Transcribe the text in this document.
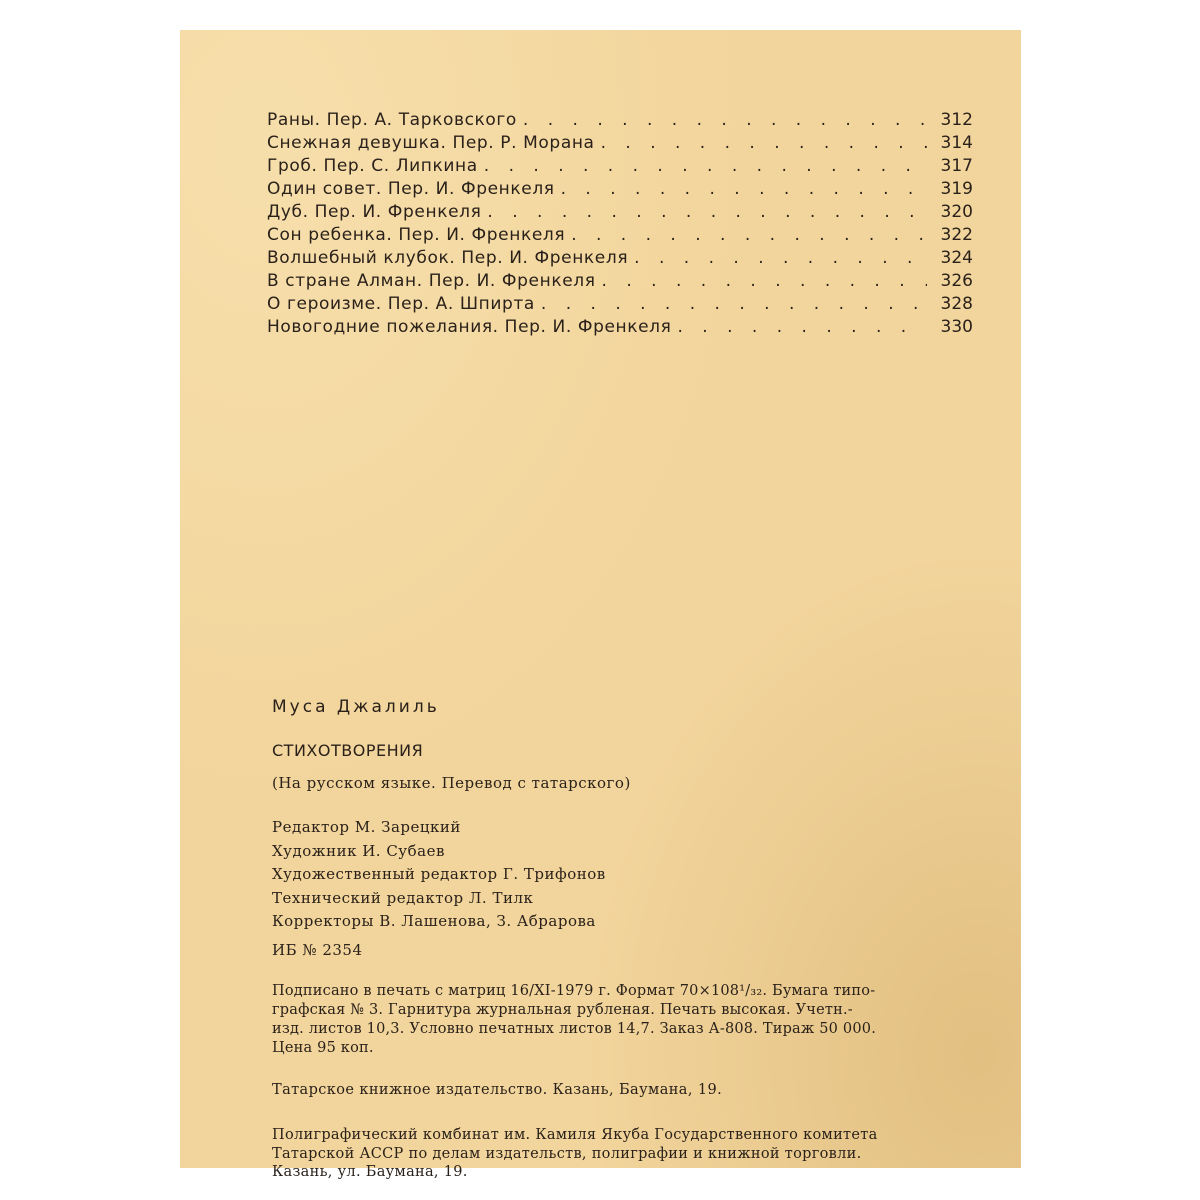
Раны. Пер. А. Тарковского . . .	312
Снежная девушка. Пер. Р. Морана . . .	314
Гроб. Пер. С. Липкина . . .	317
Один совет. Пер. И. Френкеля . . .	319
Дуб. Пер. И. Френкеля . . .	320
Сон ребенка. Пер. И. Френкеля . . .	322
Волшебный клубок. Пер. И. Френкеля . . .	324
В стране Алман. Пер. И. Френкеля . . .	326
О героизме. Пер. А. Шпирта . . .	328
Новогодние пожелания. Пер. И. Френкеля . . .	330
Муса Джалиль
СТИХОТВОРЕНИЯ
(На русском языке. Перевод с татарского)
Редактор М. Зарецкий
Художник И. Субаев
Художественный редактор Г. Трифонов
Технический редактор Л. Тилк
Корректоры В. Лашенова, З. Абрарова
ИБ № 2354
Подписано в печать с матриц 16/XI-1979 г. Формат 70×108¹/₃₂. Бумага типо-
графская № 3. Гарнитура журнальная рубленая. Печать высокая. Учетн.-
изд. листов 10,3. Условно печатных листов 14,7. Заказ А-808. Тираж 50 000.
Цена 95 коп.
Татарское книжное издательство. Казань, Баумана, 19.
Полиграфический комбинат им. Камиля Якуба Государственного комитета
Татарской АССР по делам издательств, полиграфии и книжной торговли.
Казань, ул. Баумана, 19.
